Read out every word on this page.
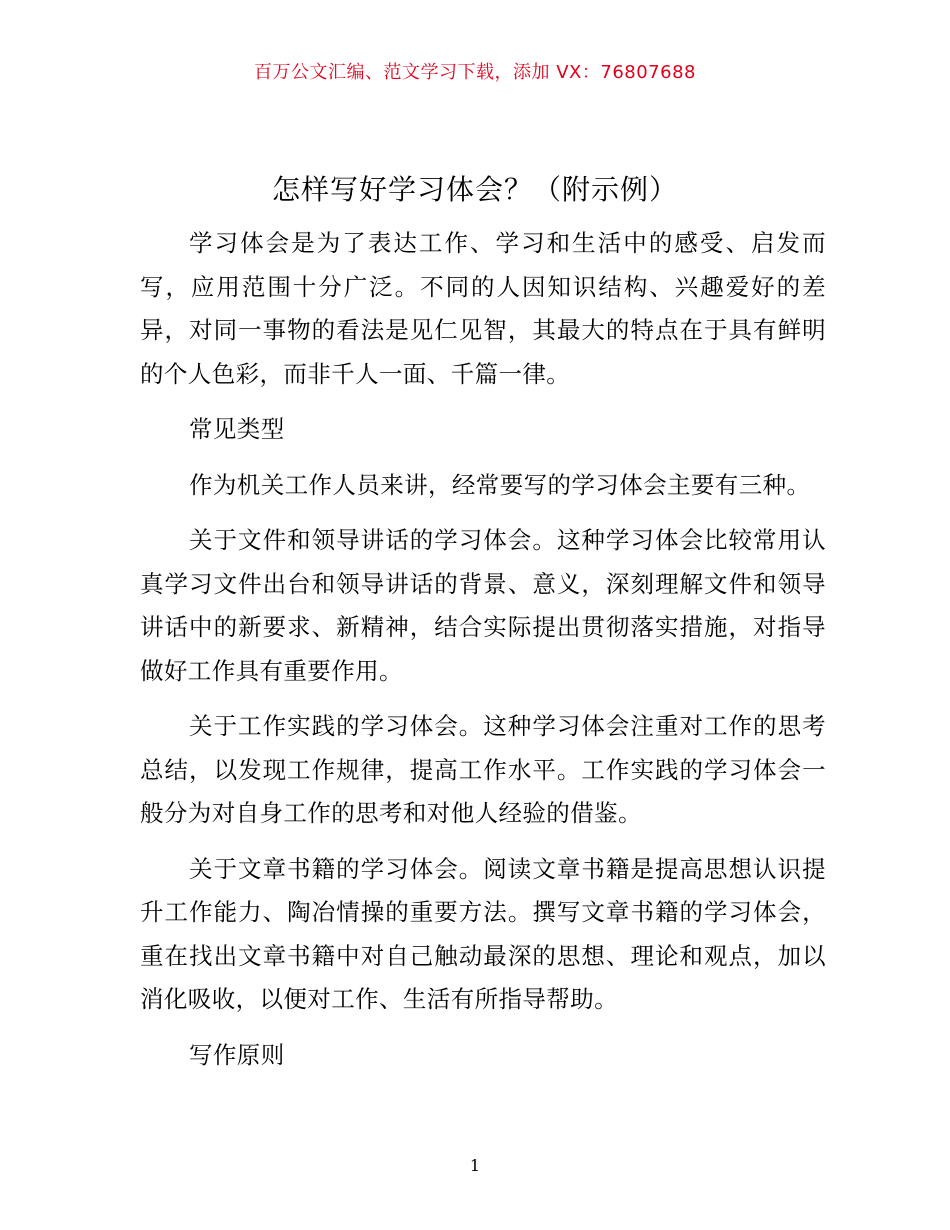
百万公文汇编、范文学习下载，添加 VX：76807688
怎样写好学习体会？（附示例）

学习体会是为了表达工作、学习和生活中的感受、启发而写，应用范围十分广泛。不同的人因知识结构、兴趣爱好的差异，对同一事物的看法是见仁见智，其最大的特点在于具有鲜明的个人色彩，而非千人一面、千篇一律。

常见类型

作为机关工作人员来讲，经常要写的学习体会主要有三种。

关于文件和领导讲话的学习体会。这种学习体会比较常用认真学习文件出台和领导讲话的背景、意义，深刻理解文件和领导讲话中的新要求、新精神，结合实际提出贯彻落实措施，对指导做好工作具有重要作用。

关于工作实践的学习体会。这种学习体会注重对工作的思考总结，以发现工作规律，提高工作水平。工作实践的学习体会一般分为对自身工作的思考和对他人经验的借鉴。

关于文章书籍的学习体会。阅读文章书籍是提高思想认识提升工作能力、陶冶情操的重要方法。撰写文章书籍的学习体会，重在找出文章书籍中对自己触动最深的思想、理论和观点，加以消化吸收，以便对工作、生活有所指导帮助。

写作原则

1
